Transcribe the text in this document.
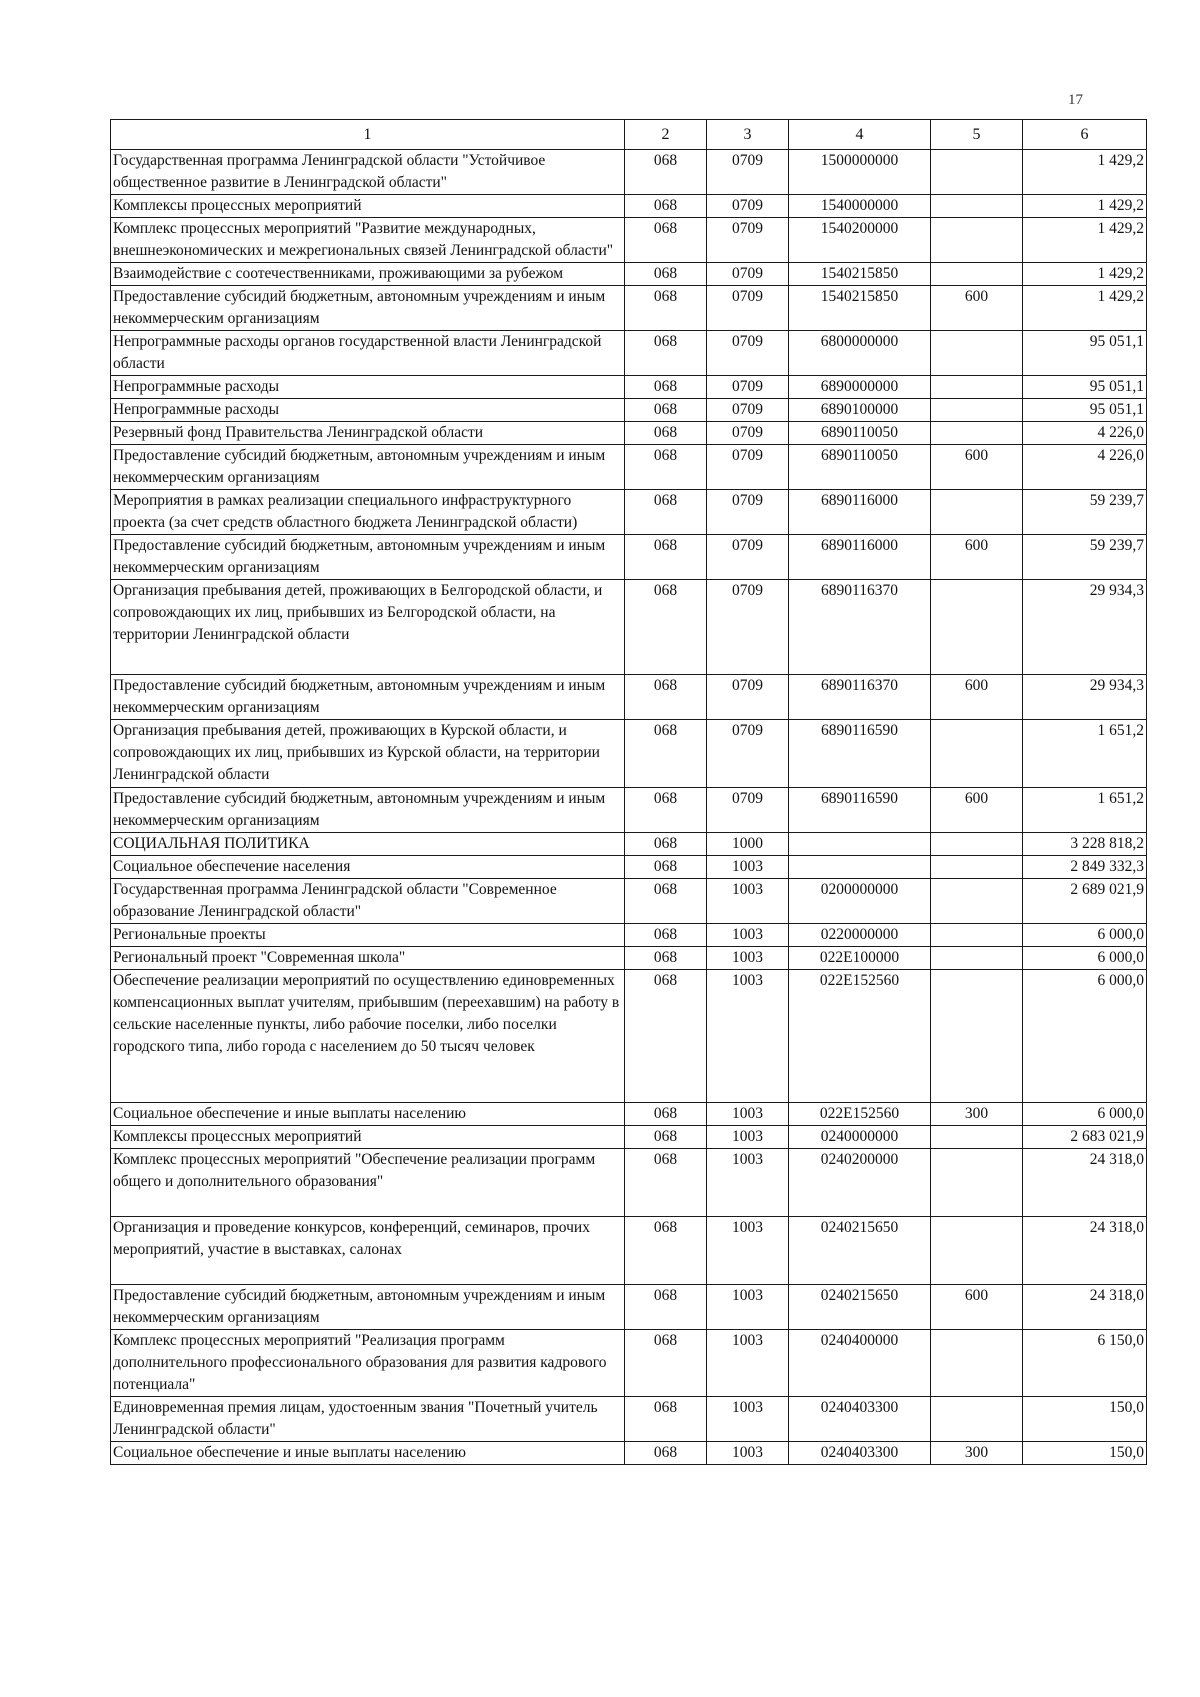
17
1	2	3	4	5	6
Государственная программа Ленинградской области "Устойчивое общественное развитие в Ленинградской области"	068	0709	1500000000		1 429,2
Комплексы процессных мероприятий	068	0709	1540000000		1 429,2
Комплекс процессных мероприятий "Развитие международных, внешнеэкономических и межрегиональных связей Ленинградской области"	068	0709	1540200000		1 429,2
Взаимодействие с соотечественниками, проживающими за рубежом	068	0709	1540215850		1 429,2
Предоставление субсидий бюджетным, автономным учреждениям и иным некоммерческим организациям	068	0709	1540215850	600	1 429,2
Непрограммные расходы органов государственной власти Ленинградской области	068	0709	6800000000		95 051,1
Непрограммные расходы	068	0709	6890000000		95 051,1
Непрограммные расходы	068	0709	6890100000		95 051,1
Резервный фонд Правительства Ленинградской области	068	0709	6890110050		4 226,0
Предоставление субсидий бюджетным, автономным учреждениям и иным некоммерческим организациям	068	0709	6890110050	600	4 226,0
Мероприятия в рамках реализации специального инфраструктурного проекта (за счет средств областного бюджета Ленинградской области)	068	0709	6890116000		59 239,7
Предоставление субсидий бюджетным, автономным учреждениям и иным некоммерческим организациям	068	0709	6890116000	600	59 239,7
Организация пребывания детей, проживающих в Белгородской области, и сопровождающих их лиц, прибывших из Белгородской области, на территории Ленинградской области	068	0709	6890116370		29 934,3
Предоставление субсидий бюджетным, автономным учреждениям и иным некоммерческим организациям	068	0709	6890116370	600	29 934,3
Организация пребывания детей, проживающих в Курской области, и сопровождающих их лиц, прибывших из Курской области, на территории Ленинградской области	068	0709	6890116590		1 651,2
Предоставление субсидий бюджетным, автономным учреждениям и иным некоммерческим организациям	068	0709	6890116590	600	1 651,2
СОЦИАЛЬНАЯ ПОЛИТИКА	068	1000			3 228 818,2
Социальное обеспечение населения	068	1003			2 849 332,3
Государственная программа Ленинградской области "Современное образование Ленинградской области"	068	1003	0200000000		2 689 021,9
Региональные проекты	068	1003	0220000000		6 000,0
Региональный проект "Современная школа"	068	1003	022E100000		6 000,0
Обеспечение реализации мероприятий по осуществлению единовременных компенсационных выплат учителям, прибывшим (переехавшим) на работу в сельские населенные пункты, либо рабочие поселки, либо поселки городского типа, либо города с населением до 50 тысяч человек	068	1003	022E152560		6 000,0
Социальное обеспечение и иные выплаты населению	068	1003	022E152560	300	6 000,0
Комплексы процессных мероприятий	068	1003	0240000000		2 683 021,9
Комплекс процессных мероприятий "Обеспечение реализации программ общего и дополнительного образования"	068	1003	0240200000		24 318,0
Организация и проведение конкурсов, конференций, семинаров, прочих мероприятий, участие в выставках, салонах	068	1003	0240215650		24 318,0
Предоставление субсидий бюджетным, автономным учреждениям и иным некоммерческим организациям	068	1003	0240215650	600	24 318,0
Комплекс процессных мероприятий "Реализация программ дополнительного профессионального образования для развития кадрового потенциала"	068	1003	0240400000		6 150,0
Единовременная премия лицам, удостоенным звания "Почетный учитель Ленинградской области"	068	1003	0240403300		150,0
Социальное обеспечение и иные выплаты населению	068	1003	0240403300	300	150,0
